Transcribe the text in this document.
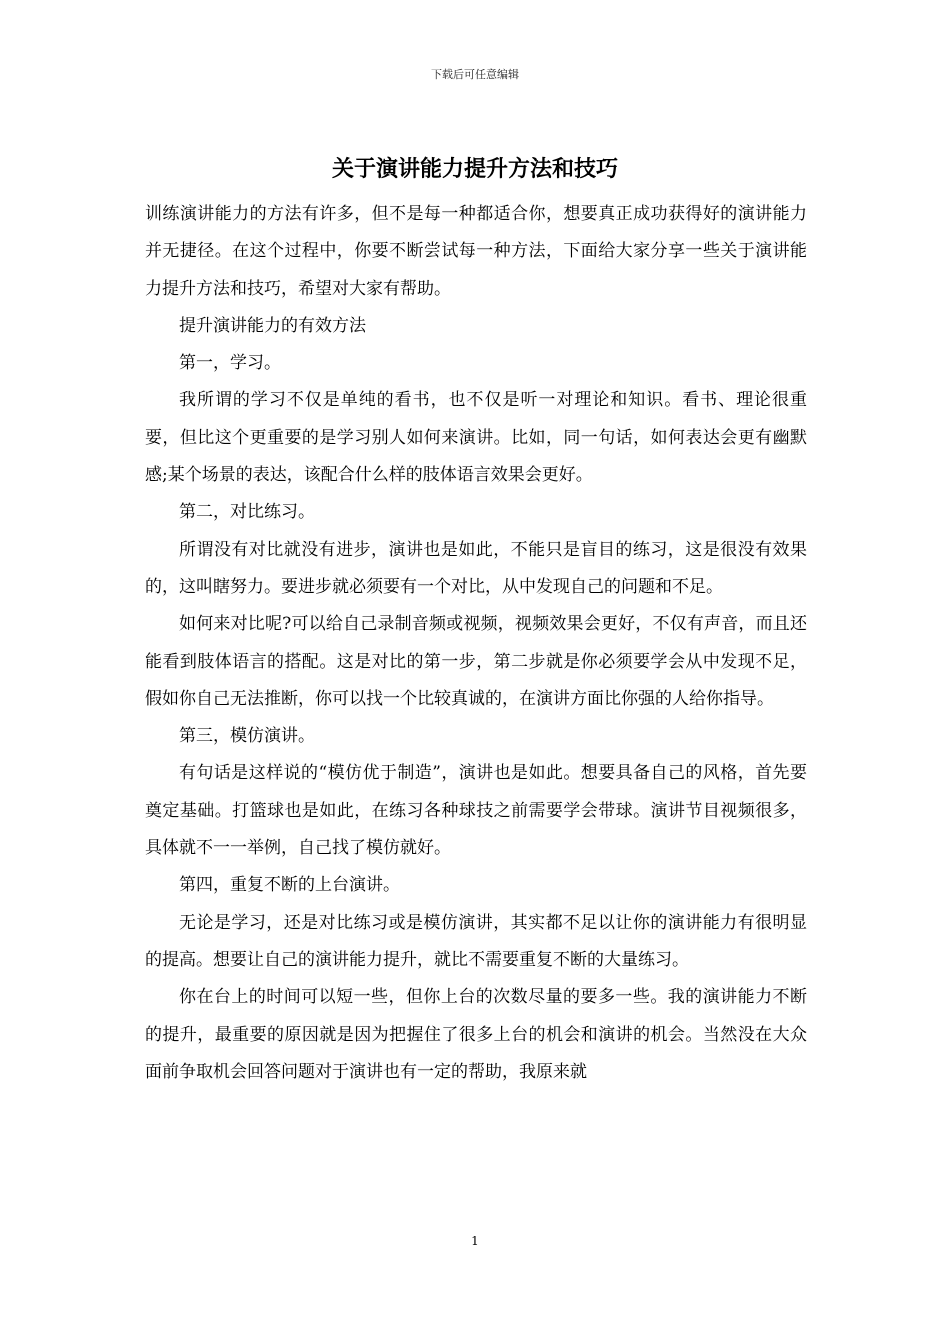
下载后可任意编辑
关于演讲能力提升方法和技巧

训练演讲能力的方法有许多，但不是每一种都适合你，想要真正成功获得好的演讲能力并无捷径。在这个过程中，你要不断尝试每一种方法，下面给大家分享一些关于演讲能力提升方法和技巧，希望对大家有帮助。

提升演讲能力的有效方法

第一，学习。

我所谓的学习不仅是单纯的看书，也不仅是听一对理论和知识。看书、理论很重要，但比这个更重要的是学习别人如何来演讲。比如，同一句话，如何表达会更有幽默感;某个场景的表达，该配合什么样的肢体语言效果会更好。

第二，对比练习。

所谓没有对比就没有进步，演讲也是如此，不能只是盲目的练习，这是很没有效果的，这叫瞎努力。要进步就必须要有一个对比，从中发现自己的问题和不足。

如何来对比呢?可以给自己录制音频或视频，视频效果会更好，不仅有声音，而且还能看到肢体语言的搭配。这是对比的第一步，第二步就是你必须要学会从中发现不足，假如你自己无法推断，你可以找一个比较真诚的，在演讲方面比你强的人给你指导。

第三，模仿演讲。

有句话是这样说的“模仿优于制造”，演讲也是如此。想要具备自己的风格，首先要奠定基础。打篮球也是如此，在练习各种球技之前需要学会带球。演讲节目视频很多，具体就不一一举例，自己找了模仿就好。

第四，重复不断的上台演讲。

无论是学习，还是对比练习或是模仿演讲，其实都不足以让你的演讲能力有很明显的提高。想要让自己的演讲能力提升，就比不需要重复不断的大量练习。

你在台上的时间可以短一些，但你上台的次数尽量的要多一些。我的演讲能力不断的提升，最重要的原因就是因为把握住了很多上台的机会和演讲的机会。当然没在大众面前争取机会回答问题对于演讲也有一定的帮助，我原来就

1
